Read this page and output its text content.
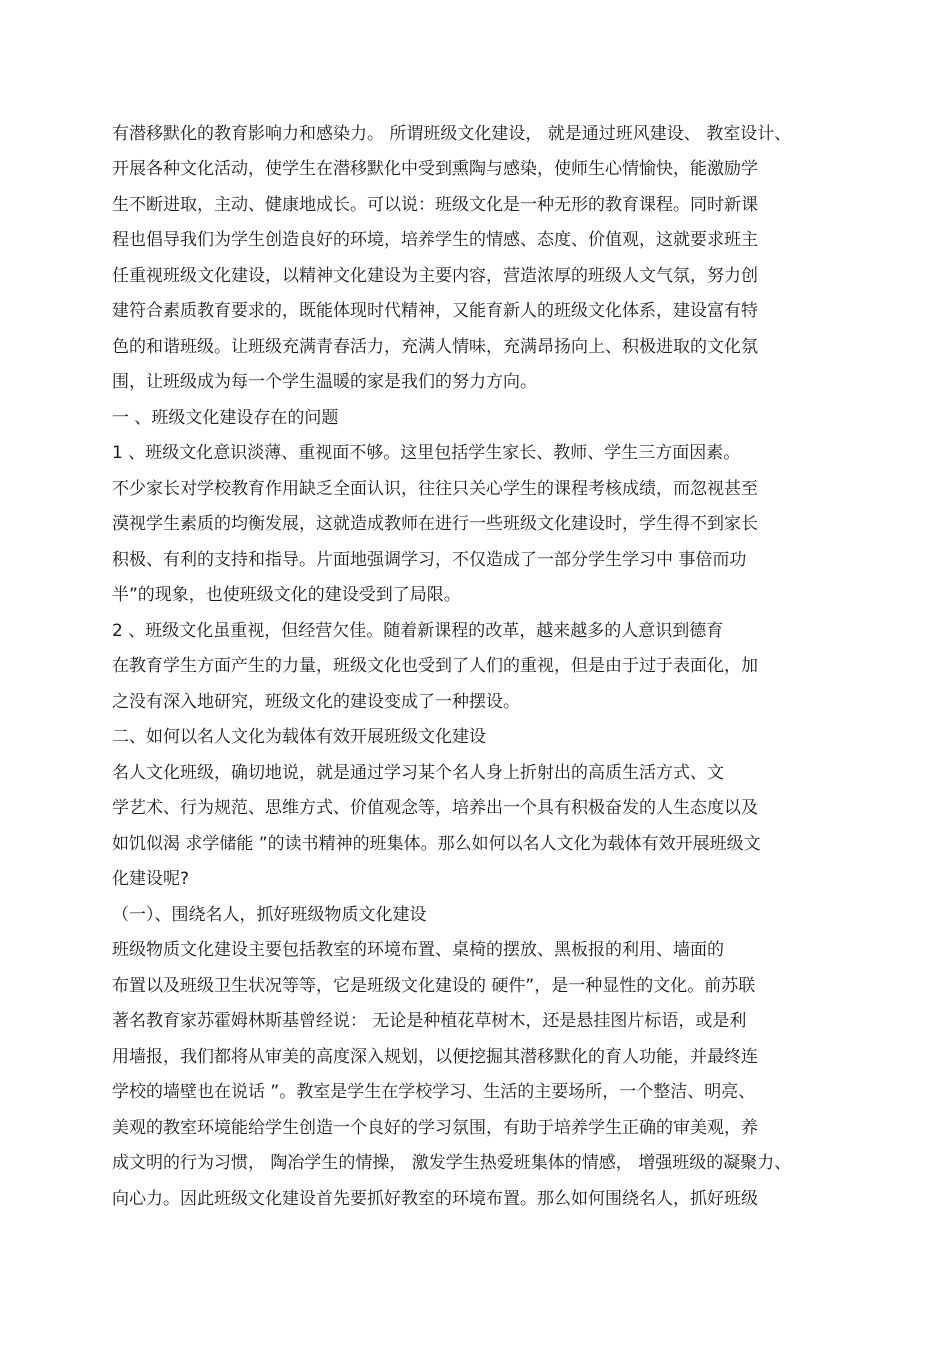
有潜移默化的教育影响力和感染力。 所谓班级文化建设， 就是通过班风建设、 教室设计、
开展各种文化活动，使学生在潜移默化中受到熏陶与感染，使师生心情愉快，能激励学
生不断进取，主动、健康地成长。可以说：班级文化是一种无形的教育课程。同时新课
程也倡导我们为学生创造良好的环境，培养学生的情感、态度、价值观，这就要求班主
任重视班级文化建设，以精神文化建设为主要内容，营造浓厚的班级人文气氛，努力创
建符合素质教育要求的，既能体现时代精神，又能育新人的班级文化体系，建设富有特
色的和谐班级。让班级充满青春活力，充满人情味，充满昂扬向上、积极进取的文化氛
围，让班级成为每一个学生温暖的家是我们的努力方向。
一 、班级文化建设存在的问题
1 、班级文化意识淡薄、重视面不够。这里包括学生家长、教师、学生三方面因素。
不少家长对学校教育作用缺乏全面认识，往往只关心学生的课程考核成绩，而忽视甚至
漠视学生素质的均衡发展，这就造成教师在进行一些班级文化建设时，学生得不到家长
积极、有利的支持和指导。片面地强调学习，不仅造成了一部分学生学习中 事倍而功
半”的现象，也使班级文化的建设受到了局限。
2 、班级文化虽重视，但经营欠佳。随着新课程的改革，越来越多的人意识到德育
在教育学生方面产生的力量，班级文化也受到了人们的重视，但是由于过于表面化，加
之没有深入地研究，班级文化的建设变成了一种摆设。
二、如何以名人文化为载体有效开展班级文化建设
名人文化班级，确切地说，就是通过学习某个名人身上折射出的高质生活方式、文
学艺术、行为规范、思维方式、价值观念等，培养出一个具有积极奋发的人生态度以及
如饥似渴 求学储能 ”的读书精神的班集体。那么如何以名人文化为载体有效开展班级文
化建设呢?
（一）、围绕名人，抓好班级物质文化建设
班级物质文化建设主要包括教室的环境布置、桌椅的摆放、黑板报的利用、墙面的
布置以及班级卫生状况等等，它是班级文化建设的 硬件”，是一种显性的文化。前苏联
著名教育家苏霍姆林斯基曾经说： 无论是种植花草树木，还是悬挂图片标语，或是利
用墙报，我们都将从审美的高度深入规划，以便挖掘其潜移默化的育人功能，并最终连
学校的墙壁也在说话 ”。教室是学生在学校学习、生活的主要场所，一个整洁、明亮、
美观的教室环境能给学生创造一个良好的学习氛围，有助于培养学生正确的审美观，养
成文明的行为习惯， 陶冶学生的情操， 激发学生热爱班集体的情感， 增强班级的凝聚力、
向心力。因此班级文化建设首先要抓好教室的环境布置。那么如何围绕名人，抓好班级
